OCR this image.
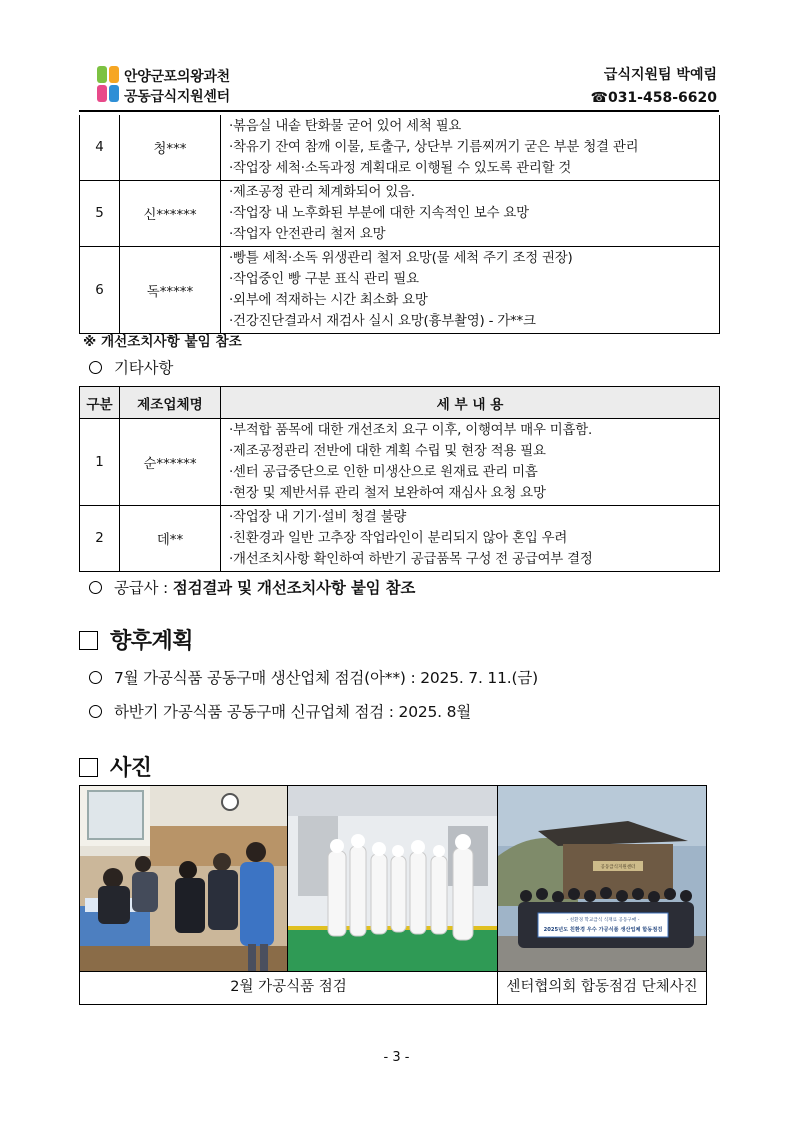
안양군포의왕과천
공동급식지원센터
급식지원팀 박예림
☎031-458-6620
4	청***	·볶음실 내솥 탄화물 굳어 있어 세척 필요
·착유기 잔여 참깨 이물, 토출구, 상단부 기름찌꺼기 굳은 부분 청결 관리
·작업장 세척·소독과정 계획대로 이행될 수 있도록 관리할 것

5	신******	·제조공정 관리 체계화되어 있음.
·작업장 내 노후화된 부분에 대한 지속적인 보수 요망
·작업자 안전관리 철저 요망

6	독*****	·빵틀 세척·소독 위생관리 철저 요망(물 세척 주기 조정 권장)
·작업중인 빵 구분 표식 관리 필요
·외부에 적재하는 시간 최소화 요망
·건강진단결과서 재검사 실시 요망(흉부촬영) - 가**크
※ 개선조치사항 붙임 참조
기타사항
구분	제조업체명	세 부 내 용
1	순******	·부적합 품목에 대한 개선조치 요구 이후, 이행여부 매우 미흡함.
·제조공정관리 전반에 대한 계획 수립 및 현장 적용 필요
·센터 공급중단으로 인한 미생산으로 원재료 관리 미흡
·현장 및 제반서류 관리 철저 보완하여 재심사 요청 요망

2	데**	·작업장 내 기기·설비 청결 불량
·친환경과 일반 고추장 작업라인이 분리되지 않아 혼입 우려
·개선조치사항 확인하여 하반기 공급품목 구성 전 공급여부 결정
공급사 : 점검결과 및 개선조치사항 붙임 참조
향후계획
7월 가공식품 공동구매 생산업체 점검(아**) : 2025. 7. 11.(금)
하반기 가공식품 공동구매 신규업체 점검 : 2025. 8월
사진
- 친환경 학교급식 식재료 공동구매 -
2025년도 친환경 우수 가공식품 생산업체 합동점검
공동급식지원센터
2월 가공식품 점검	센터협의회 합동점검 단체사진
- 3 -
